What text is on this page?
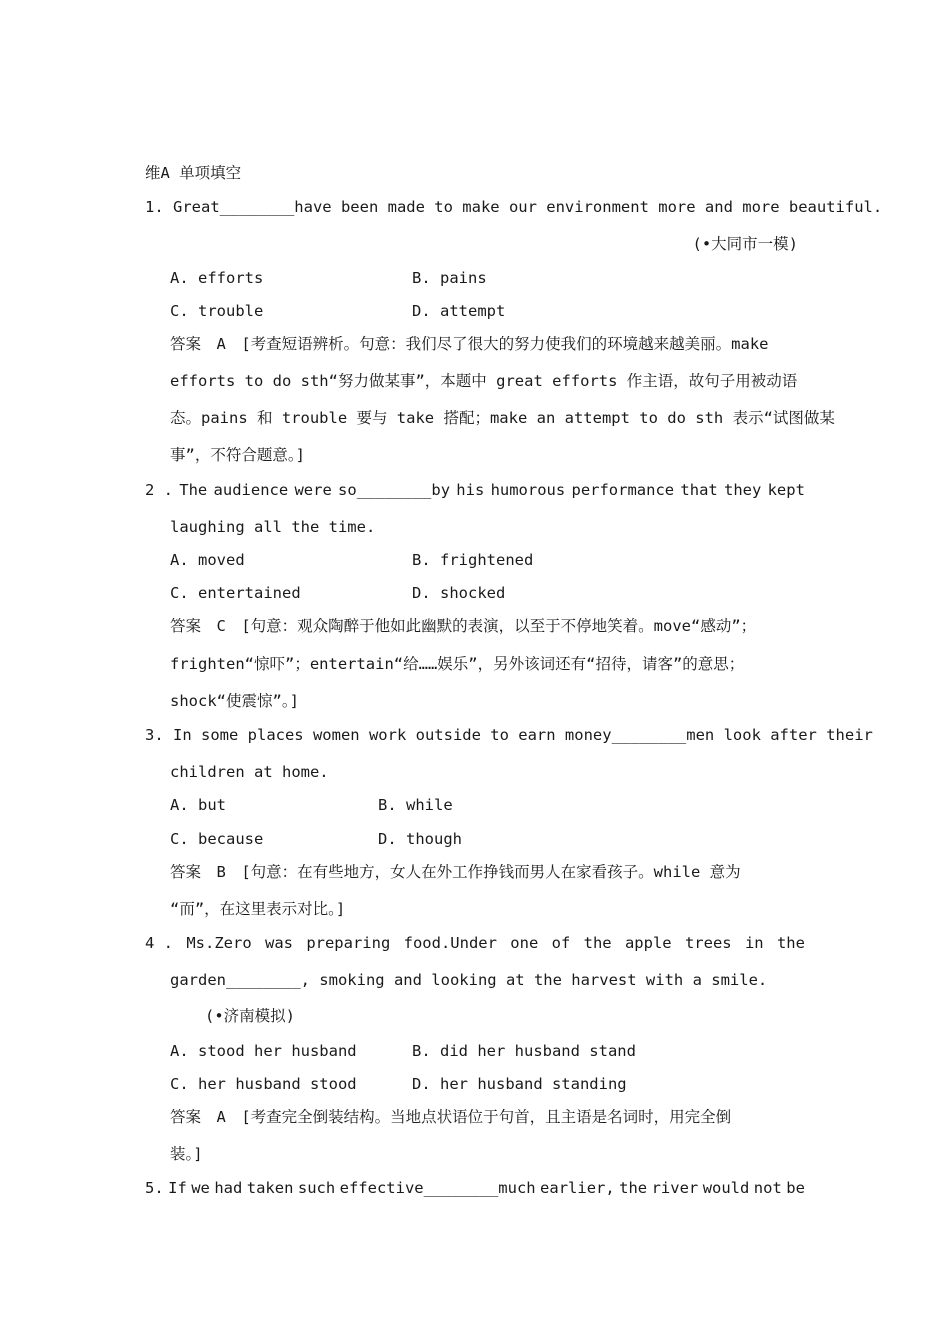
维A 单项填空
1. Great________have been made to make our environment more and more beautiful.
(•大同市一模)
A. efforts	B. pains
C. trouble	D. attempt
答案　A　[考查短语辨析。句意：我们尽了很大的努力使我们的环境越来越美丽。make
efforts to do sth“努力做某事”，本题中 great efforts 作主语，故句子用被动语
态。pains 和 trouble 要与 take 搭配；make an attempt to do sth 表示“试图做某
事”，不符合题意。]
2 . The audience were so________by his humorous performance that they kept
laughing all the time.
A. moved	B. frightened
C. entertained	D. shocked
答案　C　[句意：观众陶醉于他如此幽默的表演，以至于不停地笑着。move“感动”；
frighten“惊吓”；entertain“给……娱乐”，另外该词还有“招待，请客”的意思；
shock“使震惊”。]
3. In some places women work outside to earn money________men look after their
children at home.
A. but	B. while
C. because	D. though
答案　B　[句意：在有些地方，女人在外工作挣钱而男人在家看孩子。while 意为
“而”，在这里表示对比。]
4 . Ms.Zero was preparing food.Under one of the apple trees in the
garden________, smoking and looking at the harvest with a smile.
(•济南模拟)
A. stood her husband	B. did her husband stand
C. her husband stood	D. her husband standing
答案　A　[考查完全倒装结构。当地点状语位于句首，且主语是名词时，用完全倒
装。]
5. If we had taken such effective________much earlier, the river would not be
